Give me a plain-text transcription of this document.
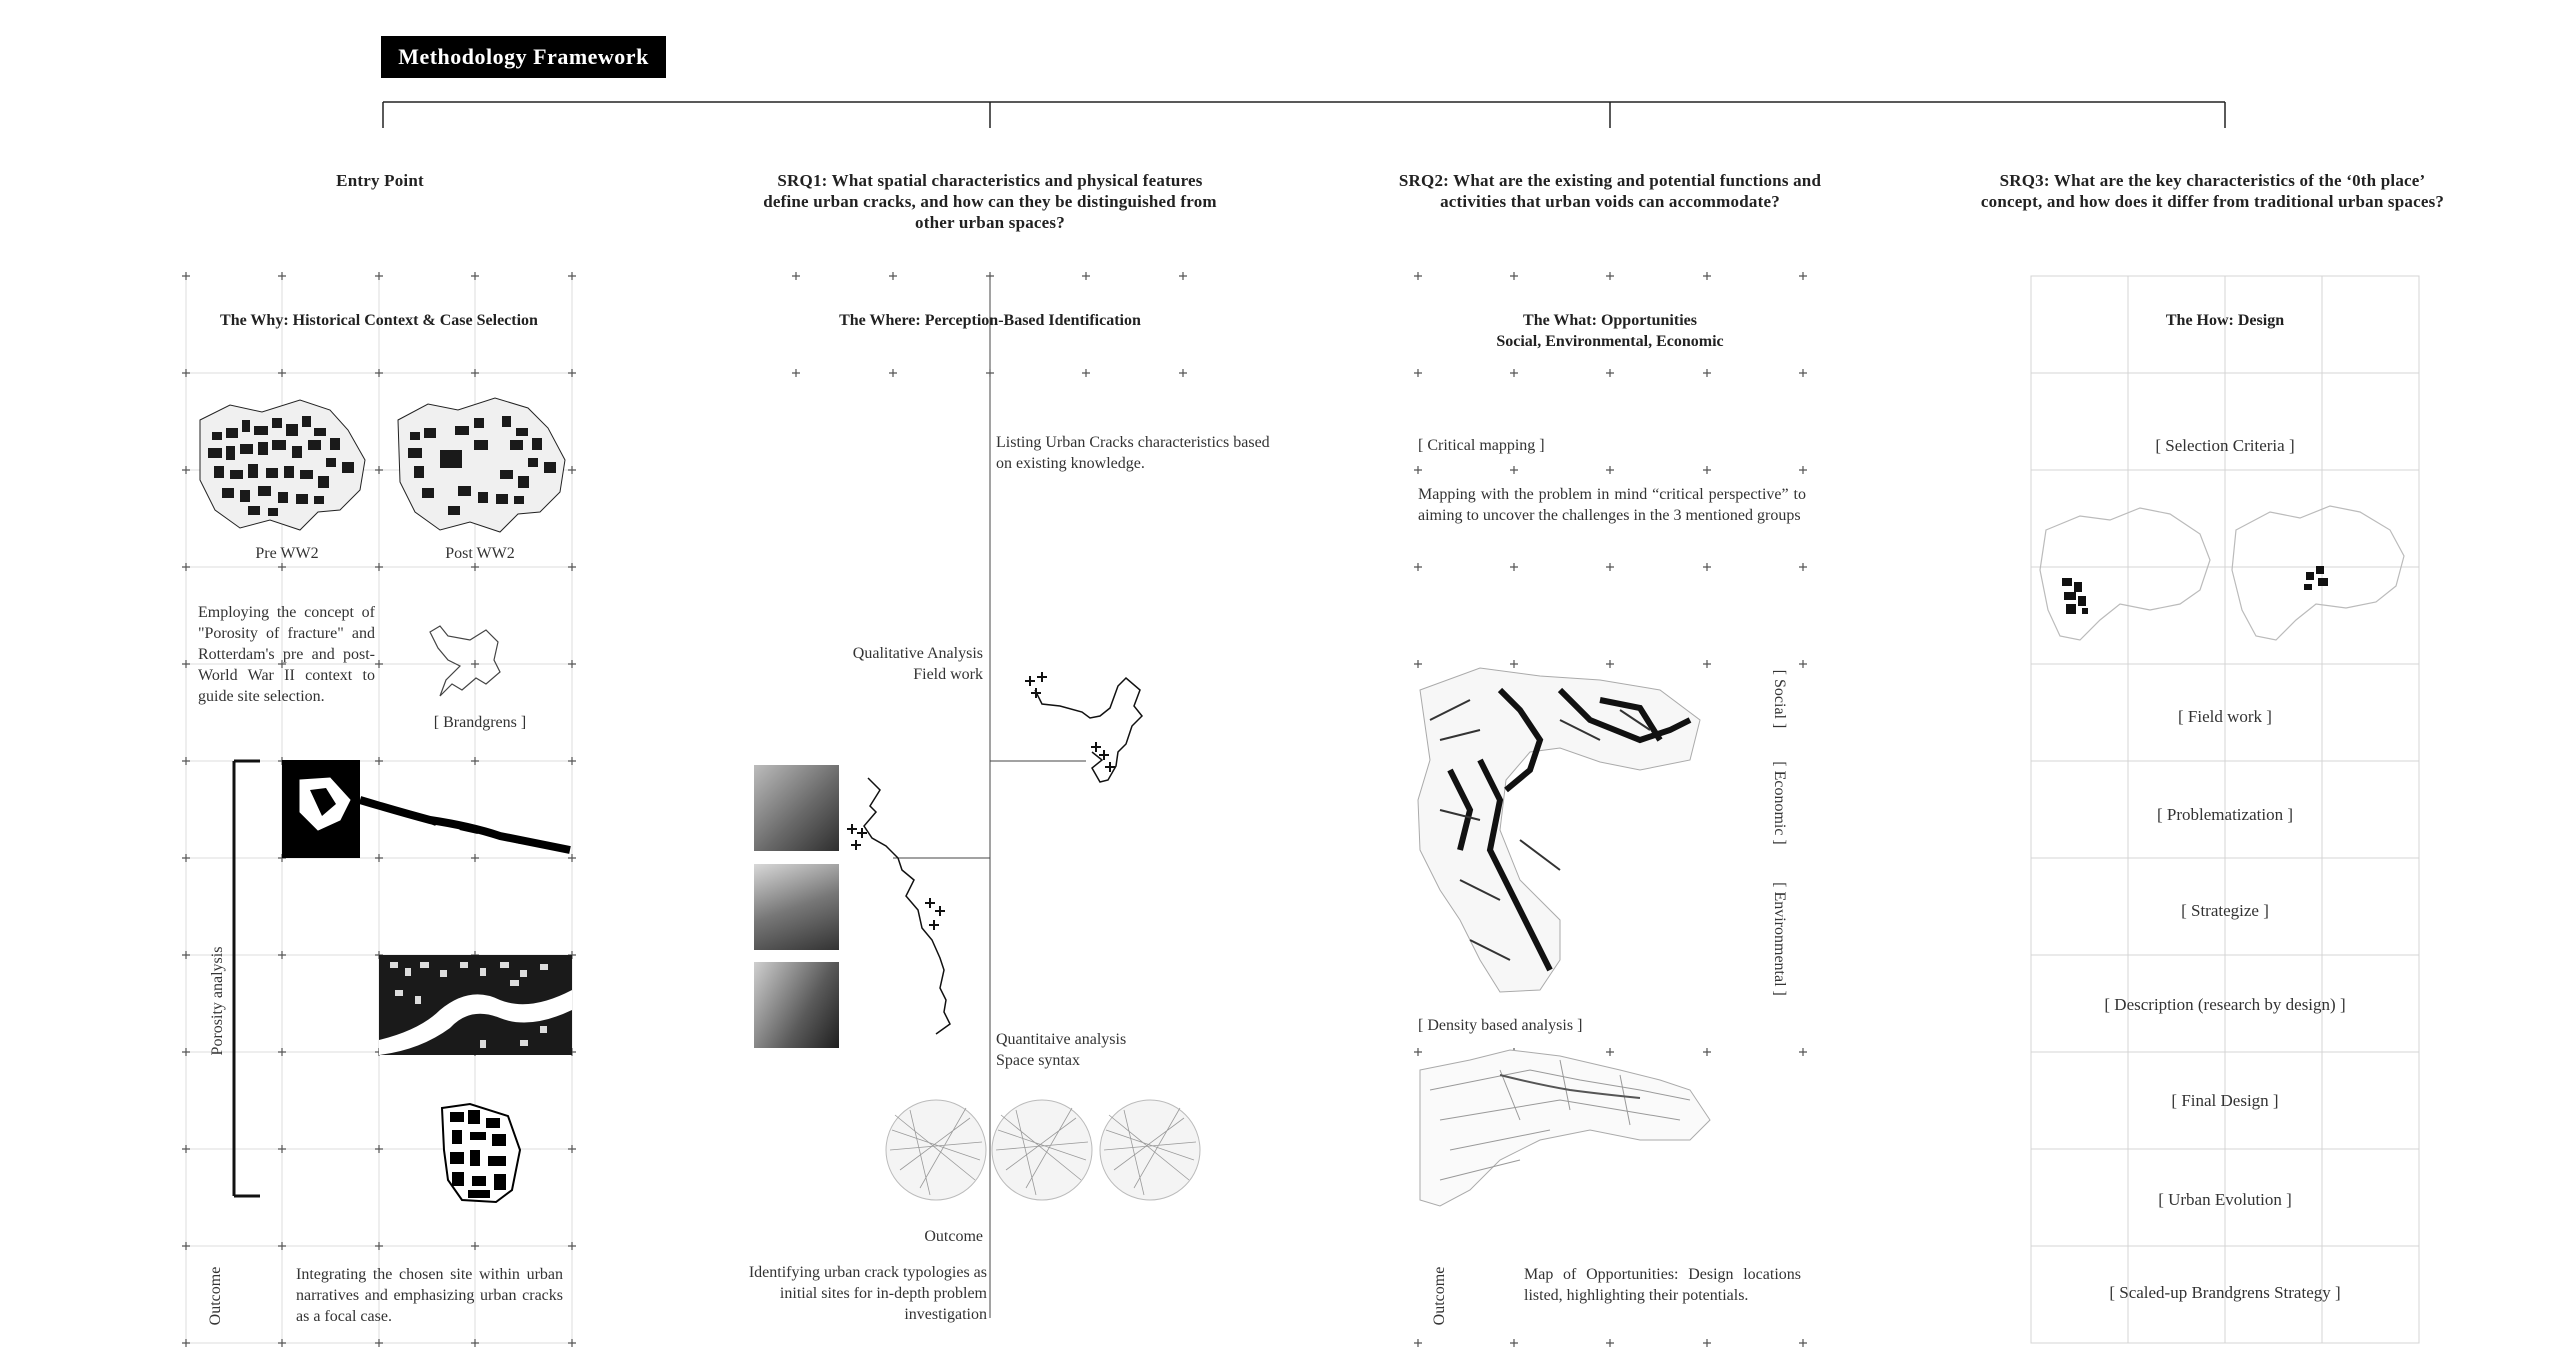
Methodology Framework
Entry Point	SRQ1: What spatial characteristics and physical features define urban cracks, and how can they be distinguished from other urban spaces?
SRQ2: What are the existing and potential functions and activities that urban voids can accommodate?
SRQ3: What are the key characteristics of the ‘0th place’ concept, and how does it differ from traditional urban spaces?
The Why: Historical Context & Case Selection
Pre WW2	Post WW2
Employing the concept of "Porosity of fracture" and Rotterdam's pre and post-World War II context to guide site selection.
[ Brandgrens ]
Porosity analysis
Outcome	Integrating the chosen site within urban narratives and emphasizing urban cracks as a focal case.
The Where: Perception-Based Identification
Listing Urban Cracks characteristics based on existing knowledge.
Qualitative Analysis
Field work
Quantitaive analysis
Space syntax
Outcome
Identifying urban crack typologies as initial sites for in-depth problem investigation
The What: Opportunities
Social, Environmental, Economic
[ Critical mapping ]
Mapping with the problem in mind “critical perspective” to aiming to uncover the challenges in the 3 mentioned groups
[ Social ]
[ Economic ]
[ Environmental ]
[ Density based analysis ]
Outcome	Map of Opportunities: Design locations listed, highlighting their potentials.
The How: Design
[ Selection Criteria ]
[ Field work ]
[ Problematization ]
[ Strategize ]
[ Description (research by design) ]
[ Final Design ]
[ Urban Evolution ]
[ Scaled-up Brandgrens Strategy ]
